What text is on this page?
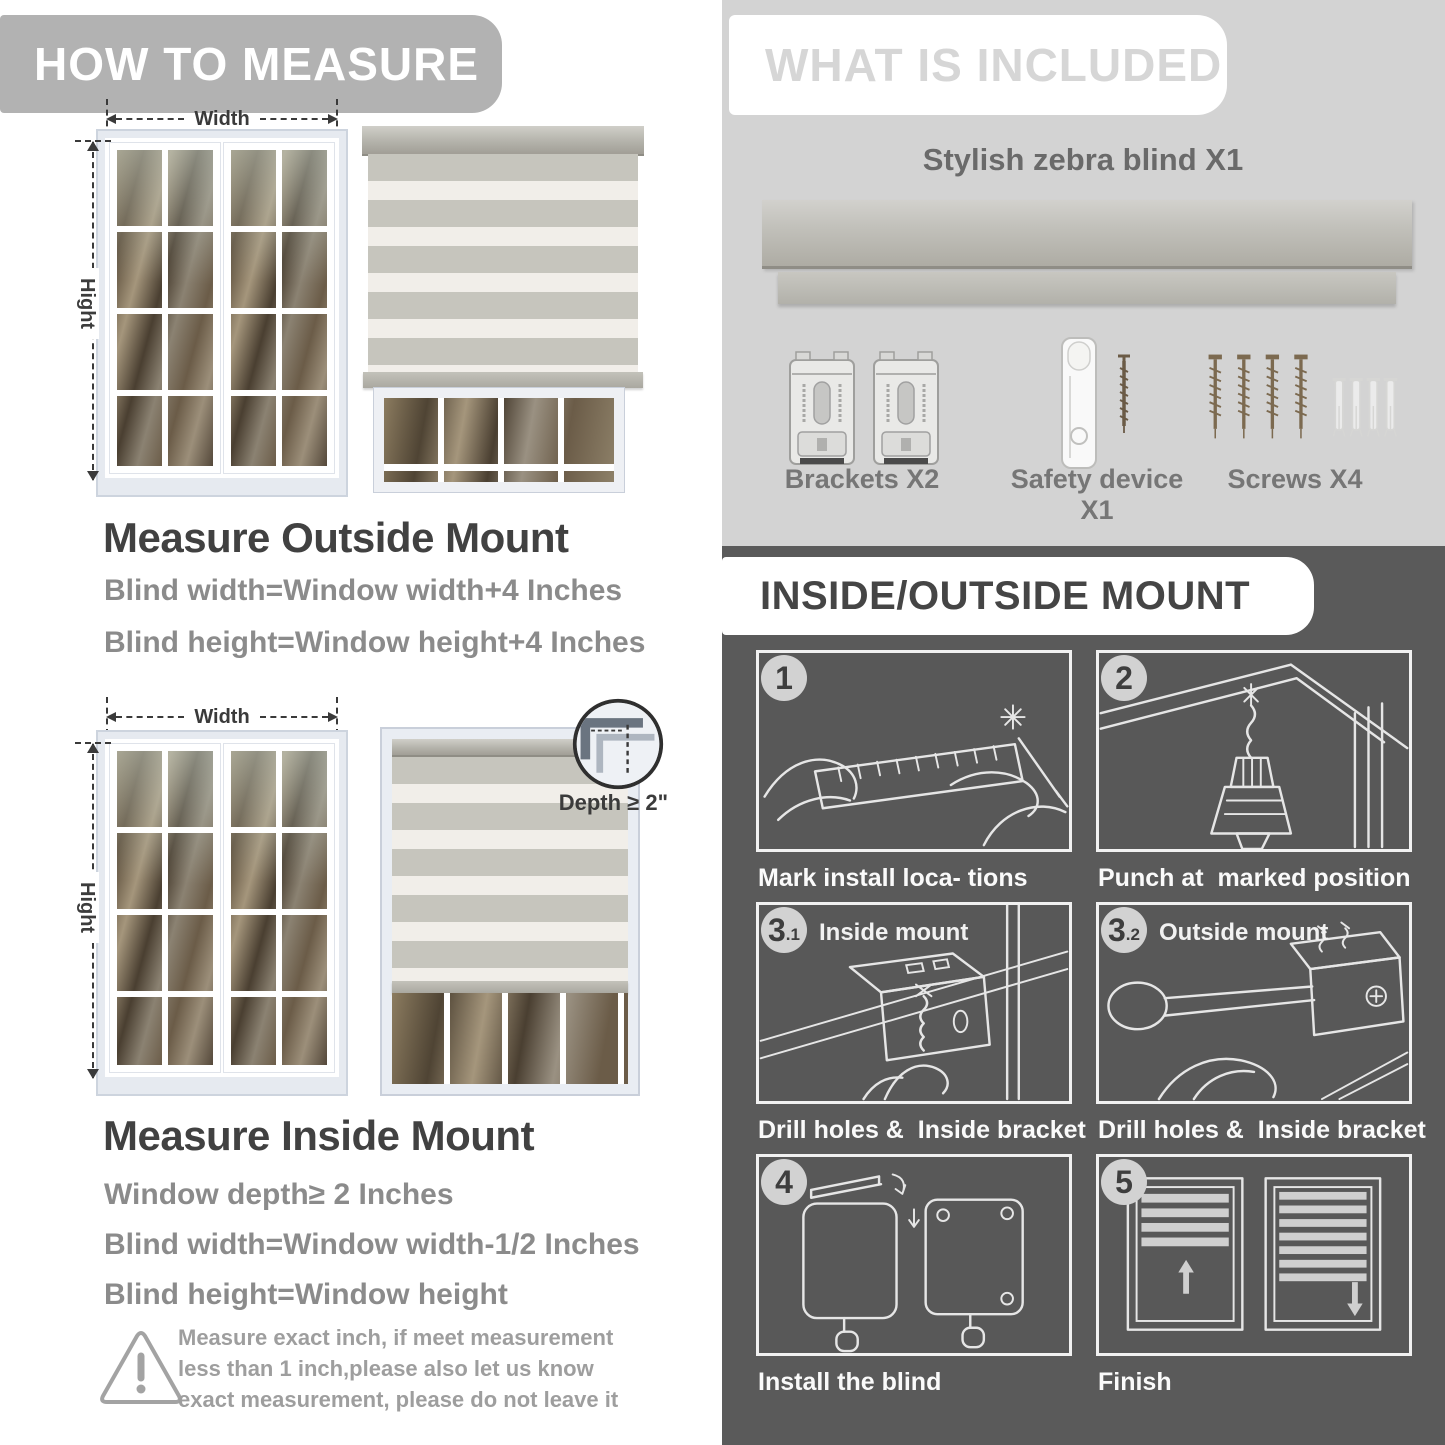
HOW TO MEASURE
Width
Hight
Measure Outside Mount
Blind width=Window width+4 Inches
Blind height=Window height+4 Inches
Width
Hight
Depth ≥ 2"
Measure Inside Mount
Window depth≥ 2 Inches
Blind width=Window width-1/2 Inches
Blind height=Window height
Measure exact inch, if meet measurement less than 1 inch,please also let us know exact measurement, please do not leave it
WHAT IS INCLUDED
Stylish zebra blind X1
Brackets X2	Safety device X1
Screws X4
INSIDE/OUTSIDE MOUNT
1
Mark install loca- tions
2
Punch at  marked position
3 .1 Inside mount
Drill holes &  Inside bracket
3 .2 Outside mount
Drill holes &  Inside bracket
4
Install the blind
5
Finish
